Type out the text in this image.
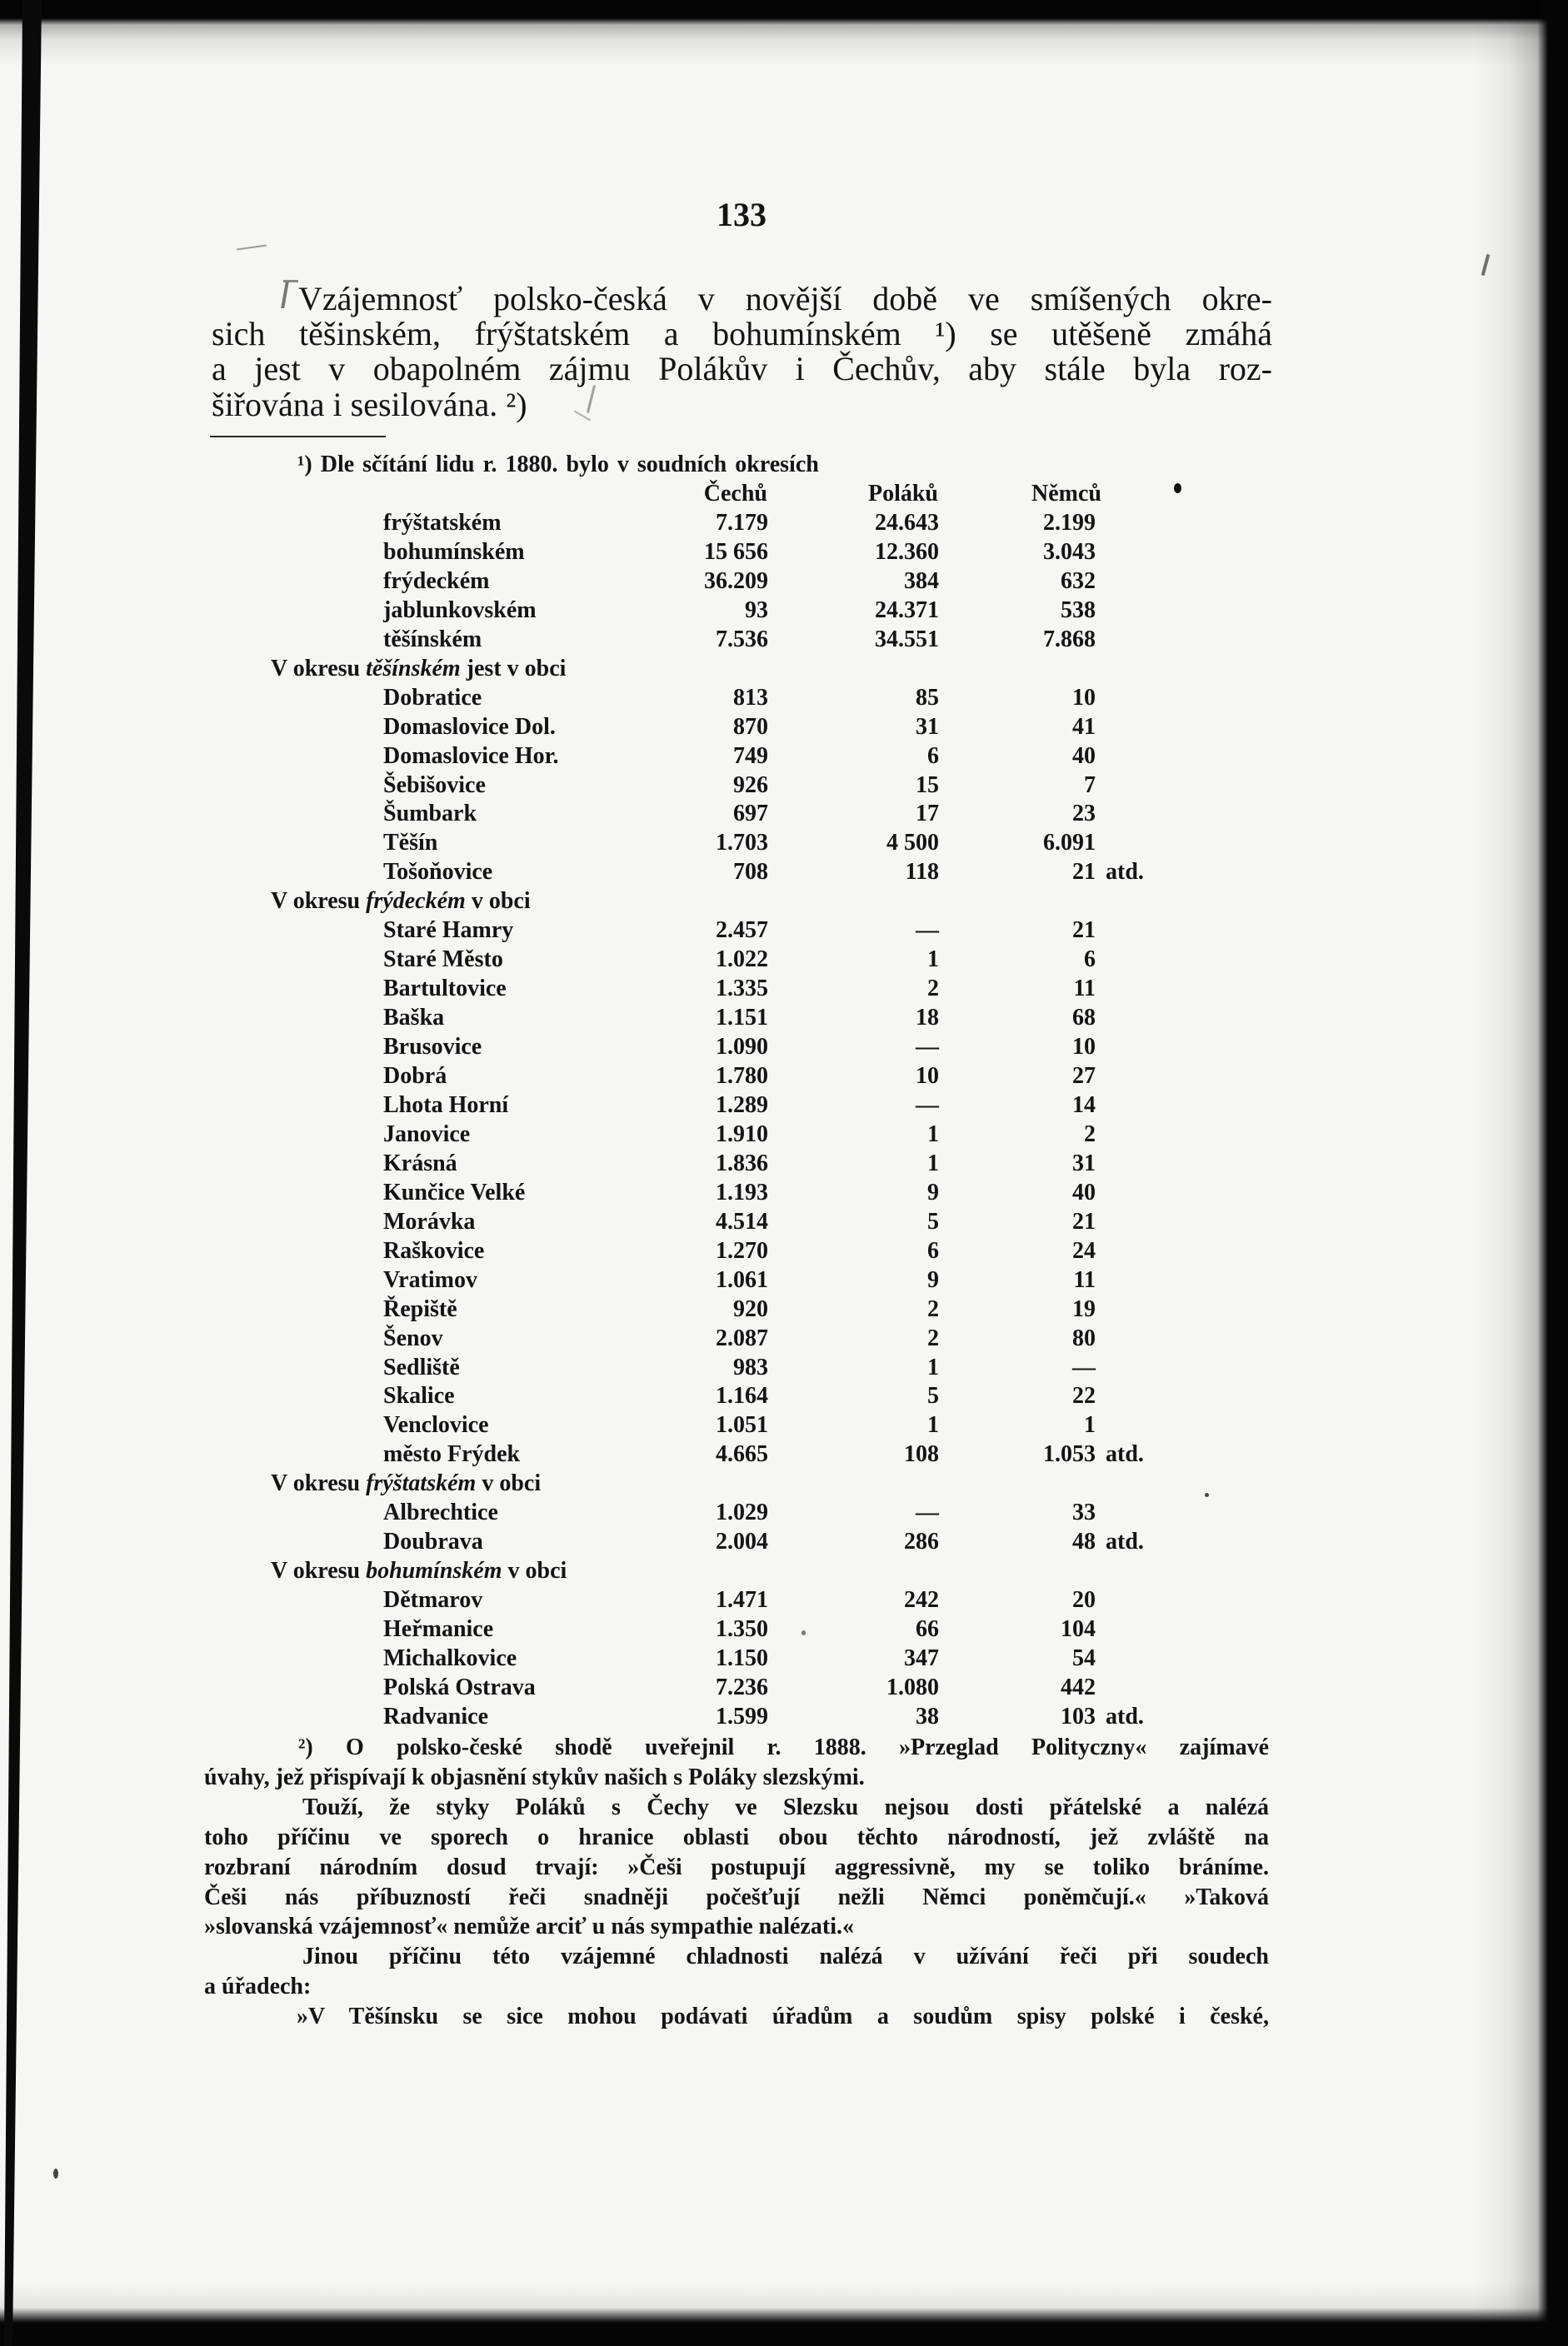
133
Vzájemnosť polsko-česká v novější době ve smíšených okre-
sich těšinském, frýštatském a bohumínském ¹) se utěšeně zmáhá
a jest v obapolném zájmu Polákův i Čechův, aby stále byla roz-
šiřována i sesilována. ²)
¹) Dle sčítání lidu r. 1880. bylo v soudních okresích
Čechů	Poláků	Němců
frýštatském	7.179	24.643	2.199
bohumínském	15 656	12.360	3.043
frýdeckém	36.209	384	632
jablunkovském	93	24.371	538
těšínském	7.536	34.551	7.868
V okresu těšínském jest v obci
Dobratice	813	85	10
Domaslovice Dol.	870	31	41
Domaslovice Hor.	749	6	40
Šebišovice	926	15	7
Šumbark	697	17	23
Těšín	1.703	4 500	6.091
Tošoňovice	708	118	21 atd.
V okresu frýdeckém v obci
Staré Hamry	2.457	—	21
Staré Město	1.022	1	6
Bartultovice	1.335	2	11
Baška	1.151	18	68
Brusovice	1.090	—	10
Dobrá	1.780	10	27
Lhota Horní	1.289	—	14
Janovice	1.910	1	2
Krásná	1.836	1	31
Kunčice Velké	1.193	9	40
Morávka	4.514	5	21
Raškovice	1.270	6	24
Vratimov	1.061	9	11
Řepiště	920	2	19
Šenov	2.087	2	80
Sedliště	983	1	—
Skalice	1.164	5	22
Venclovice	1.051	1	1
město Frýdek	4.665	108	1.053 atd.
V okresu frýštatském v obci
Albrechtice	1.029	—	33
Doubrava	2.004	286	48 atd.
V okresu bohumínském v obci
Dětmarov	1.471	242	20
Heřmanice	1.350	66	104
Michalkovice	1.150	347	54
Polská Ostrava	7.236	1.080	442
Radvanice	1.599	38	103 atd.
²) O polsko-české shodě uveřejnil r. 1888. »Przeglad Polityczny« zajímavé
úvahy, jež přispívají k objasnění stykův našich s Poláky slezskými.
Touží, že styky Poláků s Čechy ve Slezsku nejsou dosti přátelské a nalézá
toho příčinu ve sporech o hranice oblasti obou těchto národností, jež zvláště na
rozbraní národním dosud trvají: »Češi postupují aggressivně, my se toliko bráníme.
Češi nás příbuzností řeči snadněji počešťují nežli Němci poněmčují.« »Taková
»slovanská vzájemnosť« nemůže arciť u nás sympathie nalézati.«
Jinou příčinu této vzájemné chladnosti nalézá v užívání řeči při soudech
a úřadech:
»V Těšínsku se sice mohou podávati úřadům a soudům spisy polské i české,
